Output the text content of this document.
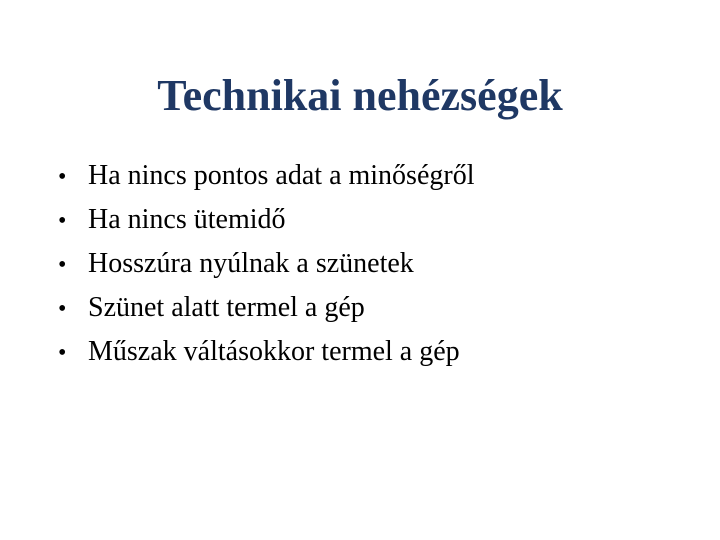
Technikai nehézségek
• Ha nincs pontos adat a minőségről
• Ha nincs ütemidő
• Hosszúra nyúlnak a szünetek
• Szünet alatt termel a gép
• Műszak váltásokkor termel a gép
